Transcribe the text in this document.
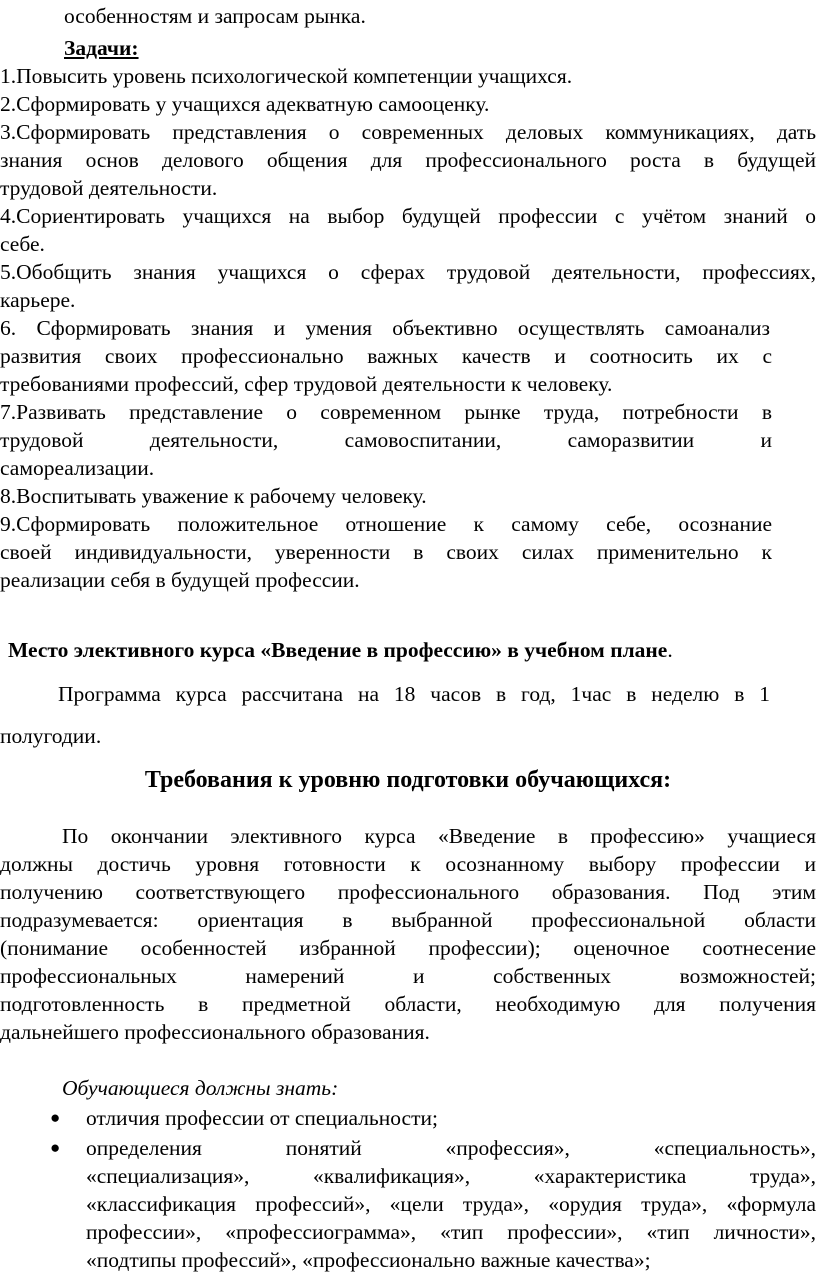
особенностям и запросам рынка.
Задачи:
1.Повысить уровень психологической компетенции учащихся.
2.Сформировать у учащихся адекватную самооценку.
3.Сформировать представления о современных деловых коммуникациях, дать
знания основ делового общения для профессионального роста в будущей
трудовой деятельности.
4.Сориентировать учащихся на выбор будущей профессии с учётом знаний о
себе.
5.Обобщить знания учащихся о сферах трудовой деятельности, профессиях,
карьере.
6. Сформировать знания и умения объективно осуществлять самоанализ
развития своих профессионально важных качеств и соотносить их с
требованиями профессий, сфер трудовой деятельности к человеку.
7.Развивать представление о современном рынке труда, потребности в
трудовой деятельности, самовоспитании, саморазвитии и
самореализации.
8.Воспитывать уважение к рабочему человеку.
9.Сформировать положительное отношение к самому себе, осознание
своей индивидуальности, уверенности в своих силах применительно к
реализации себя в будущей профессии.
Место элективного курса «Введение в профессию» в учебном плане.
Программа курса рассчитана на 18 часов в год, 1час в неделю в 1
полугодии.
Требования к уровню подготовки обучающихся:
По окончании элективного курса «Введение в профессию» учащиеся
должны достичь уровня готовности к осознанному выбору профессии и
получению соответствующего профессионального образования. Под этим
подразумевается: ориентация в выбранной профессиональной области
(понимание особенностей избранной профессии); оценочное соотнесение
профессиональных намерений и собственных возможностей;
подготовленность в предметной области, необходимую для получения
дальнейшего профессионального образования.
Обучающиеся должны знать:
● отличия профессии от специальности;
● определения понятий «профессия», «специальность»,
«специализация», «квалификация», «характеристика труда»,
«классификация профессий», «цели труда», «орудия труда», «формула
профессии», «профессиограмма», «тип профессии», «тип личности»,
«подтипы профессий», «профессионально важные качества»;
